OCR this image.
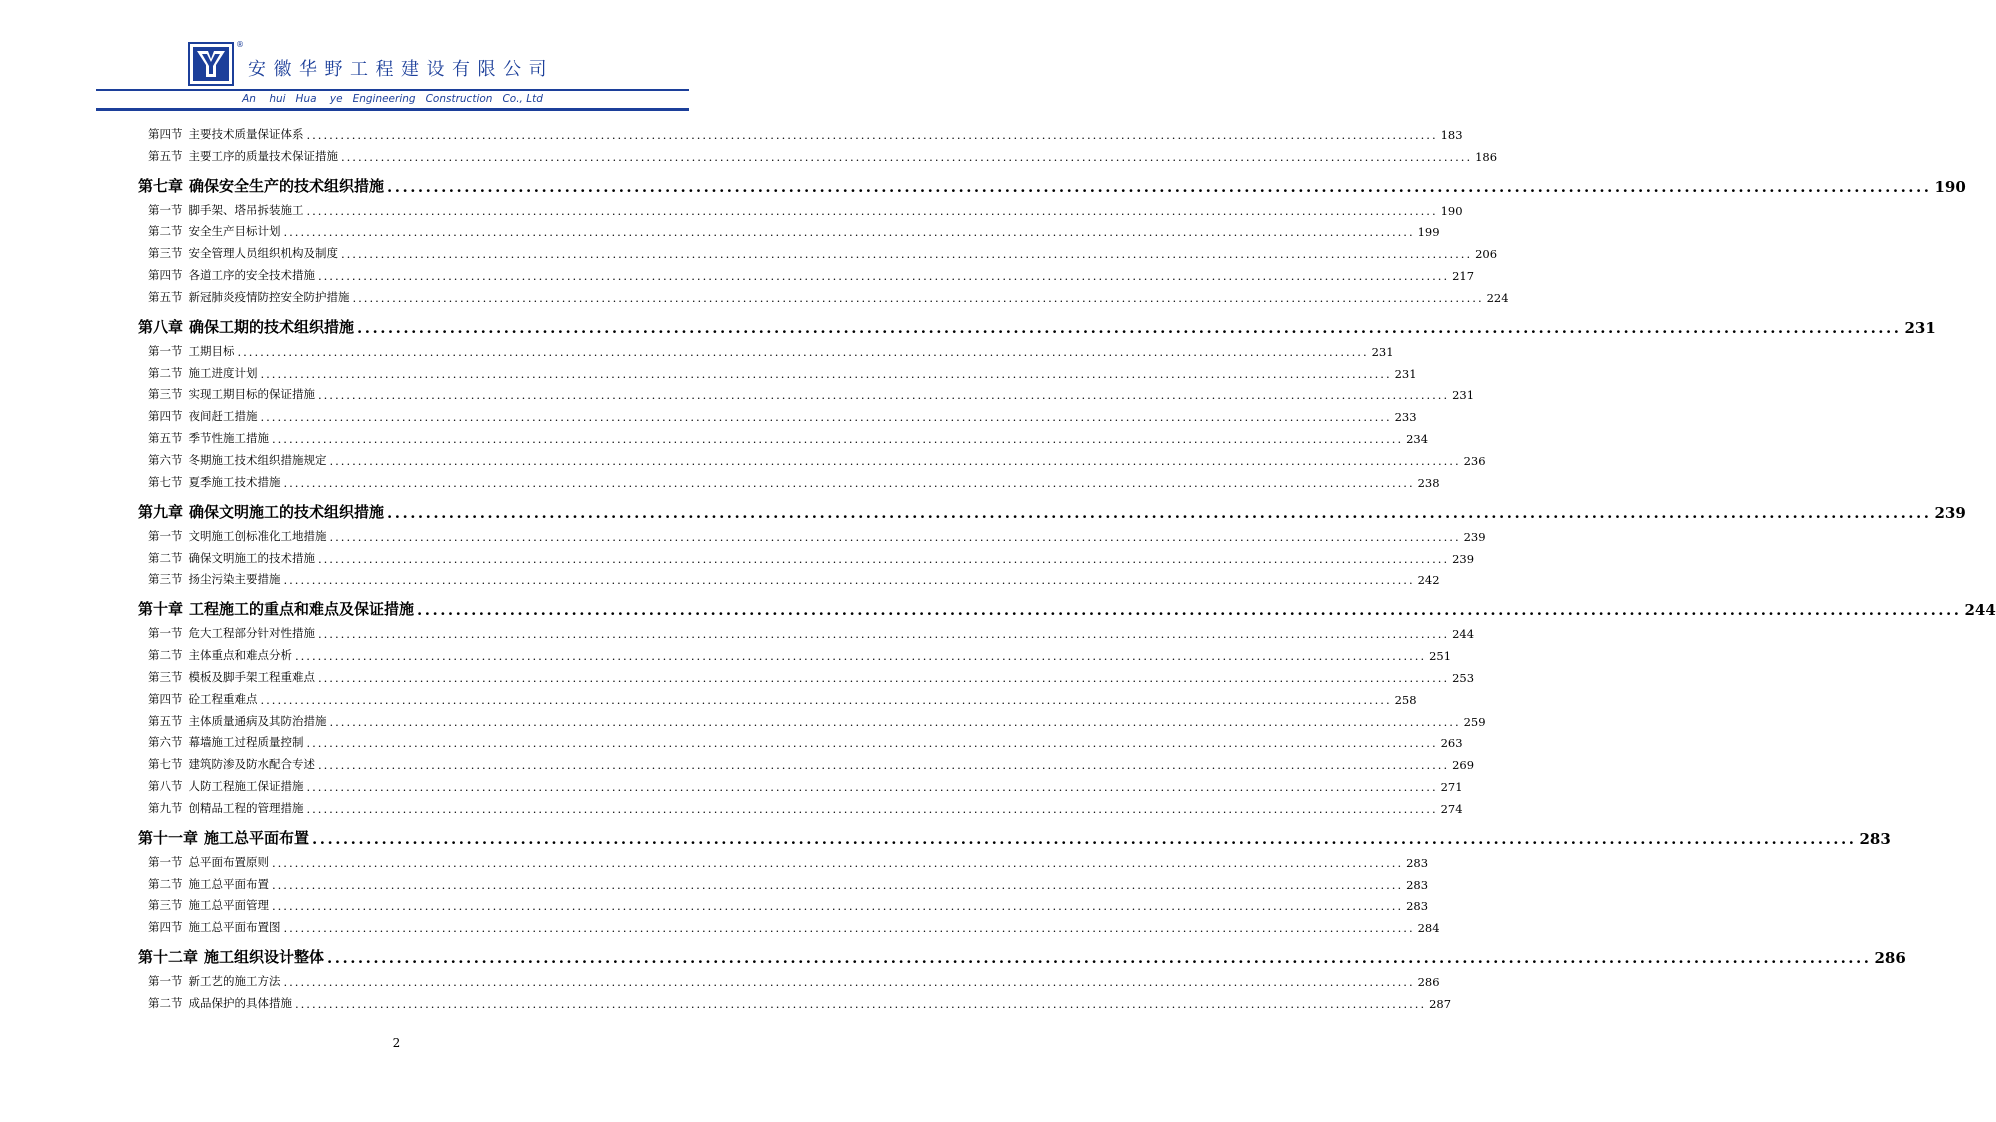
®
安徽华野工程建设有限公司
An    hui   Hua    ye   Engineering   Construction   Co., Ltd
第四节 主要技术质量保证体系 ........................................................................................................................................................................................................ 183
第五节 主要工序的质量技术保证措施 ........................................................................................................................................................................................................ 186
第七章 确保安全生产的技术组织措施 ........................................................................................................................................................................................................ 190
第一节 脚手架、塔吊拆装施工 ........................................................................................................................................................................................................ 190
第二节 安全生产目标计划 ........................................................................................................................................................................................................ 199
第三节 安全管理人员组织机构及制度 ........................................................................................................................................................................................................ 206
第四节 各道工序的安全技术措施 ........................................................................................................................................................................................................ 217
第五节 新冠肺炎疫情防控安全防护措施 ........................................................................................................................................................................................................ 224
第八章 确保工期的技术组织措施 ........................................................................................................................................................................................................ 231
第一节 工期目标 ........................................................................................................................................................................................................ 231
第二节 施工进度计划 ........................................................................................................................................................................................................ 231
第三节 实现工期目标的保证措施 ........................................................................................................................................................................................................ 231
第四节 夜间赶工措施 ........................................................................................................................................................................................................ 233
第五节 季节性施工措施 ........................................................................................................................................................................................................ 234
第六节 冬期施工技术组织措施规定 ........................................................................................................................................................................................................ 236
第七节 夏季施工技术措施 ........................................................................................................................................................................................................ 238
第九章 确保文明施工的技术组织措施 ........................................................................................................................................................................................................ 239
第一节 文明施工创标准化工地措施 ........................................................................................................................................................................................................ 239
第二节 确保文明施工的技术措施 ........................................................................................................................................................................................................ 239
第三节 扬尘污染主要措施 ........................................................................................................................................................................................................ 242
第十章 工程施工的重点和难点及保证措施 ........................................................................................................................................................................................................ 244
第一节 危大工程部分针对性措施 ........................................................................................................................................................................................................ 244
第二节 主体重点和难点分析 ........................................................................................................................................................................................................ 251
第三节 模板及脚手架工程重难点 ........................................................................................................................................................................................................ 253
第四节 砼工程重难点 ........................................................................................................................................................................................................ 258
第五节 主体质量通病及其防治措施 ........................................................................................................................................................................................................ 259
第六节 幕墙施工过程质量控制 ........................................................................................................................................................................................................ 263
第七节 建筑防渗及防水配合专述 ........................................................................................................................................................................................................ 269
第八节 人防工程施工保证措施 ........................................................................................................................................................................................................ 271
第九节 创精品工程的管理措施 ........................................................................................................................................................................................................ 274
第十一章 施工总平面布置 ........................................................................................................................................................................................................ 283
第一节 总平面布置原则 ........................................................................................................................................................................................................ 283
第二节 施工总平面布置 ........................................................................................................................................................................................................ 283
第三节 施工总平面管理 ........................................................................................................................................................................................................ 283
第四节 施工总平面布置图 ........................................................................................................................................................................................................ 284
第十二章 施工组织设计整体 ........................................................................................................................................................................................................ 286
第一节 新工艺的施工方法 ........................................................................................................................................................................................................ 286
第二节 成品保护的具体措施 ........................................................................................................................................................................................................ 287
2
